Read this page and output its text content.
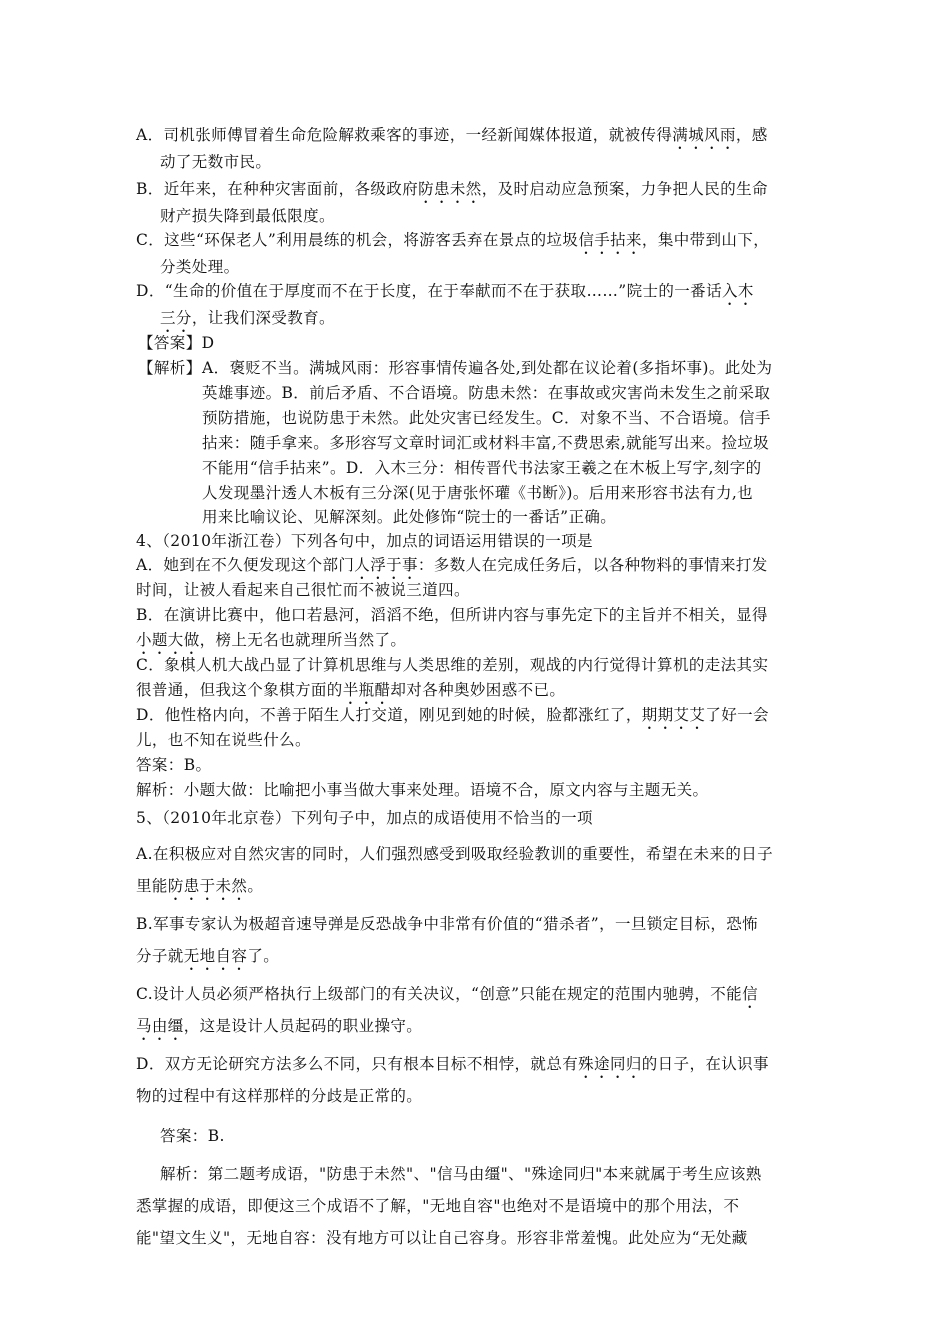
A．司机张师傅冒着生命危险解救乘客的事迹，一经新闻媒体报道，就被传得满城风雨，感
动了无数市民。
B．近年来，在种种灾害面前，各级政府防患未然，及时启动应急预案，力争把人民的生命
财产损失降到最低限度。
C．这些“环保老人”利用晨练的机会，将游客丢弃在景点的垃圾信手拈来，集中带到山下，
分类处理。
D．“生命的价值在于厚度而不在于长度，在于奉献而不在于获取……”院士的一番话入木
三分，让我们深受教育。
【答案】D
【解析】 A．褒贬不当。满城风雨：形容事情传遍各处,到处都在议论着(多指坏事)。此处为
英雄事迹。B．前后矛盾、不合语境。防患未然：在事故或灾害尚未发生之前采取
预防措施，也说防患于未然。此处灾害已经发生。C．对象不当、不合语境。信手
拈来：随手拿来。多形容写文章时词汇或材料丰富,不费思索,就能写出来。捡垃圾
不能用“信手拈来”。D．入木三分：相传晋代书法家王羲之在木板上写字,刻字的
人发现墨汁透人木板有三分深(见于唐张怀瓘《书断》)。后用来形容书法有力,也
用来比喻议论、见解深刻。此处修饰“院士的一番话”正确。
4、（2010年浙江卷）下列各句中，加点的词语运用错误的一项是
A．她到在不久便发现这个部门人浮于事：多数人在完成任务后，以各种物料的事情来打发
时间，让被人看起来自己很忙而不被说三道四。
B．在演讲比赛中，他口若悬河，滔滔不绝，但所讲内容与事先定下的主旨并不相关，显得
小题大做，榜上无名也就理所当然了。
C．象棋人机大战凸显了计算机思维与人类思维的差别，观战的内行觉得计算机的走法其实
很普通，但我这个象棋方面的半瓶醋却对各种奥妙困惑不已。
D．他性格内向，不善于陌生人打交道，刚见到她的时候，脸都涨红了，期期艾艾了好一会
儿，也不知在说些什么。
答案：B。
解析：小题大做：比喻把小事当做大事来处理。语境不合，原文内容与主题无关。
5、（2010年北京卷）下列句子中，加点的成语使用不恰当的一项
A.在积极应对自然灾害的同时，人们强烈感受到吸取经验教训的重要性，希望在未来的日子
里能防患于未然。
B.军事专家认为极超音速导弹是反恐战争中非常有价值的“猎杀者”，一旦锁定目标，恐怖
分子就无地自容了。
C.设计人员必须严格执行上级部门的有关决议，“创意”只能在规定的范围内驰骋，不能信
马由缰，这是设计人员起码的职业操守。
D．双方无论研究方法多么不同，只有根本目标不相悖，就总有殊途同归的日子，在认识事
物的过程中有这样那样的分歧是正常的。
答案：B.
解析：第二题考成语，"防患于未然"、"信马由缰"、"殊途同归"本来就属于考生应该熟
悉掌握的成语，即便这三个成语不了解，"无地自容"也绝对不是语境中的那个用法，不
能"望文生义"，无地自容：没有地方可以让自己容身。形容非常羞愧。此处应为“无处藏
